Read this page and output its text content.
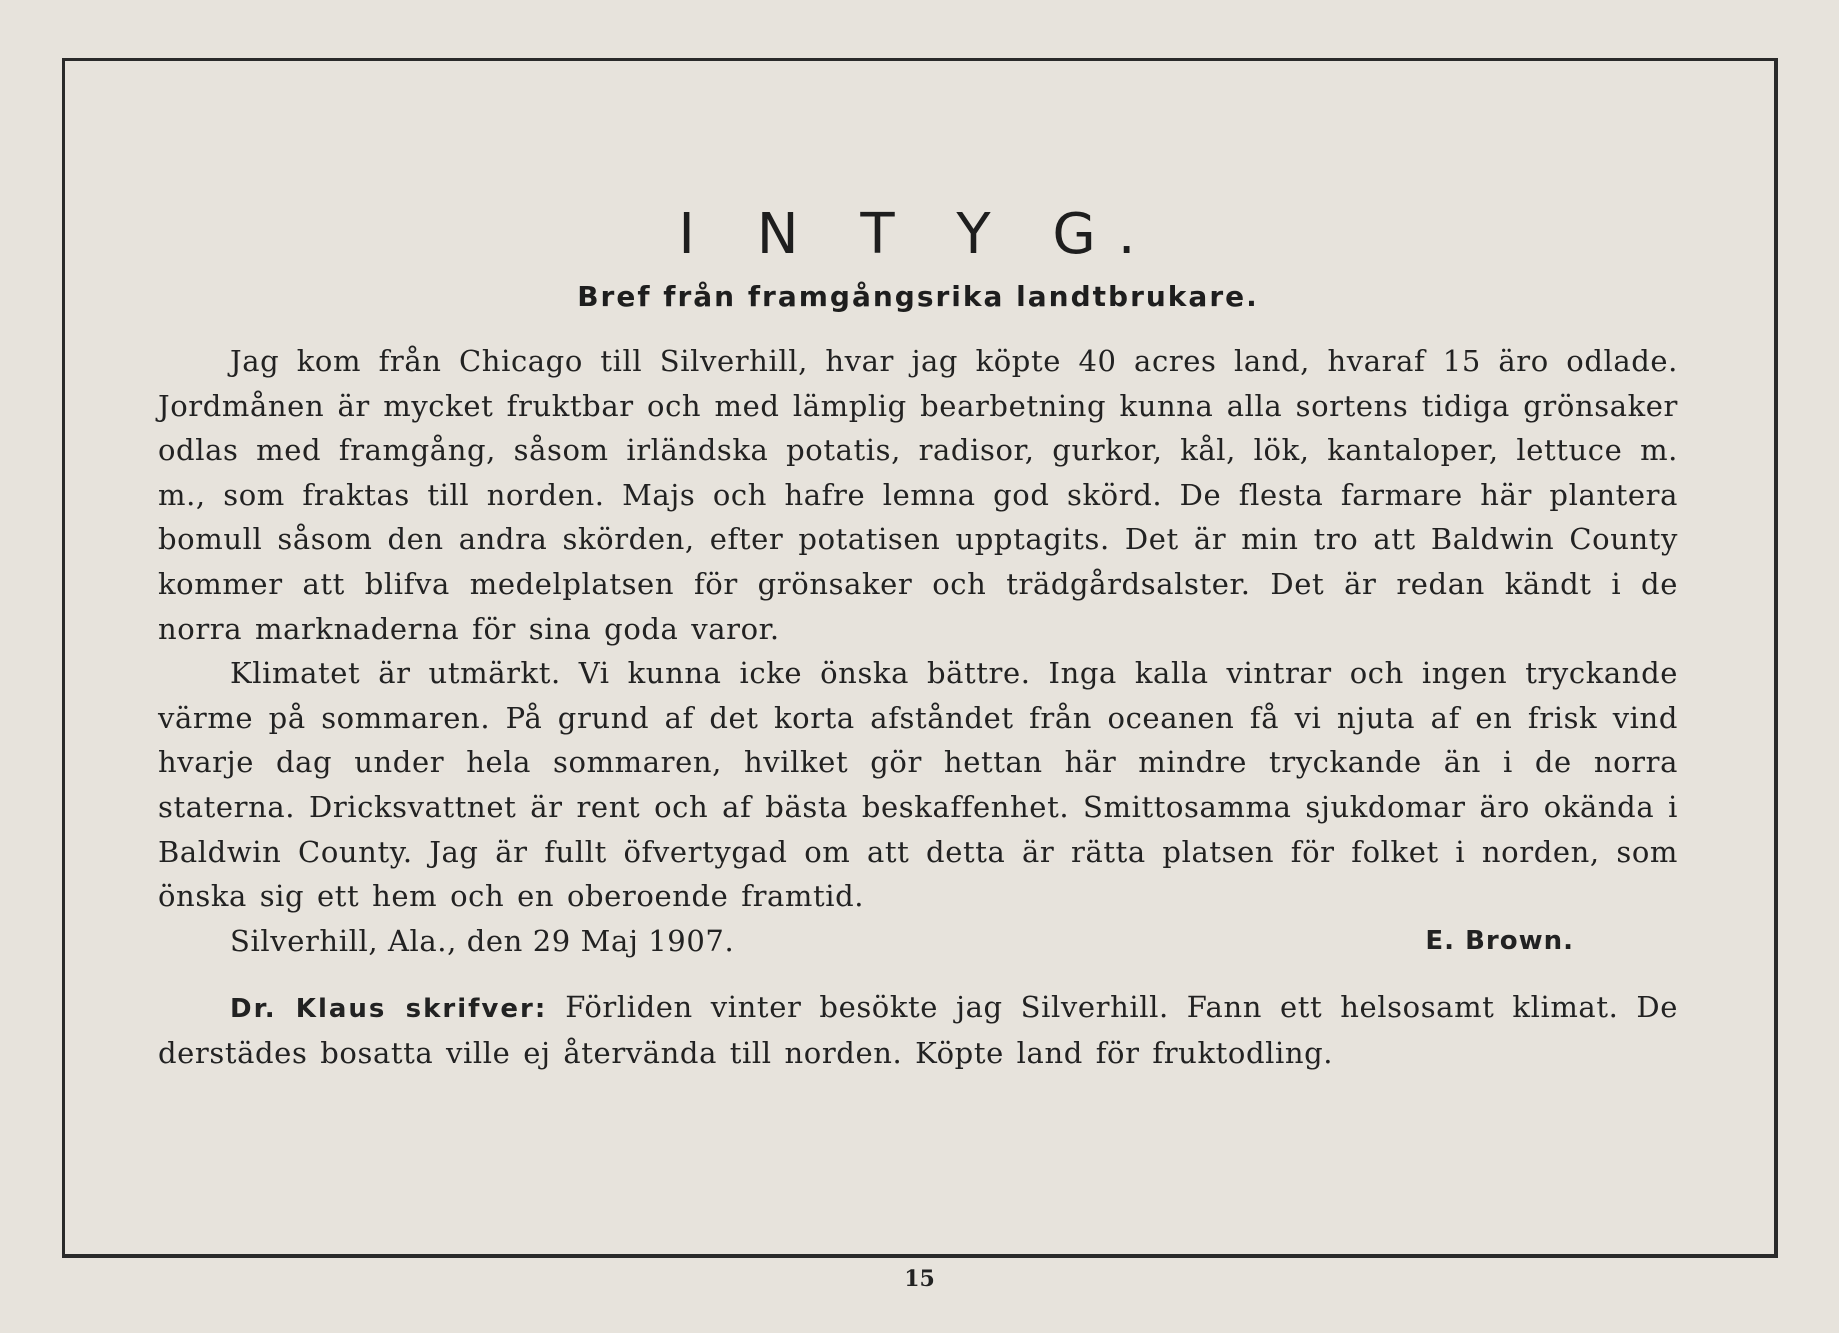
I N T Y G.
Bref från framgångsrika landtbrukare.

Jag kom från Chicago till Silverhill, hvar jag köpte 40 acres land, hvaraf 15 äro odlade. Jordmånen är mycket fruktbar och med lämplig bearbetning kunna alla sortens tidiga grönsaker odlas med framgång, såsom irländska potatis, radisor, gurkor, kål, lök, kantaloper, lettuce m. m., som fraktas till norden. Majs och hafre lemna god skörd. De flesta farmare här plantera bomull såsom den andra skörden, efter potatisen upptagits. Det är min tro att Baldwin County kommer att blifva medelplatsen för grönsaker och trädgårdsalster. Det är redan kändt i de norra marknaderna för sina goda varor.

Klimatet är utmärkt. Vi kunna icke önska bättre. Inga kalla vintrar och ingen tryckande värme på sommaren. På grund af det korta afståndet från oceanen få vi njuta af en frisk vind hvarje dag under hela sommaren, hvilket gör hettan här mindre tryckande än i de norra staterna. Dricksvattnet är rent och af bästa beskaffenhet. Smittosamma sjukdomar äro okända i Baldwin County. Jag är fullt öfvertygad om att detta är rätta platsen för folket i norden, som önska sig ett hem och en oberoende framtid.

Silverhill, Ala., den 29 Maj 1907.	E. Brown.

Dr. Klaus skrifver: Förliden vinter besökte jag Silverhill. Fann ett helsosamt klimat. De derstädes bosatta ville ej återvända till norden. Köpte land för fruktodling.

15
